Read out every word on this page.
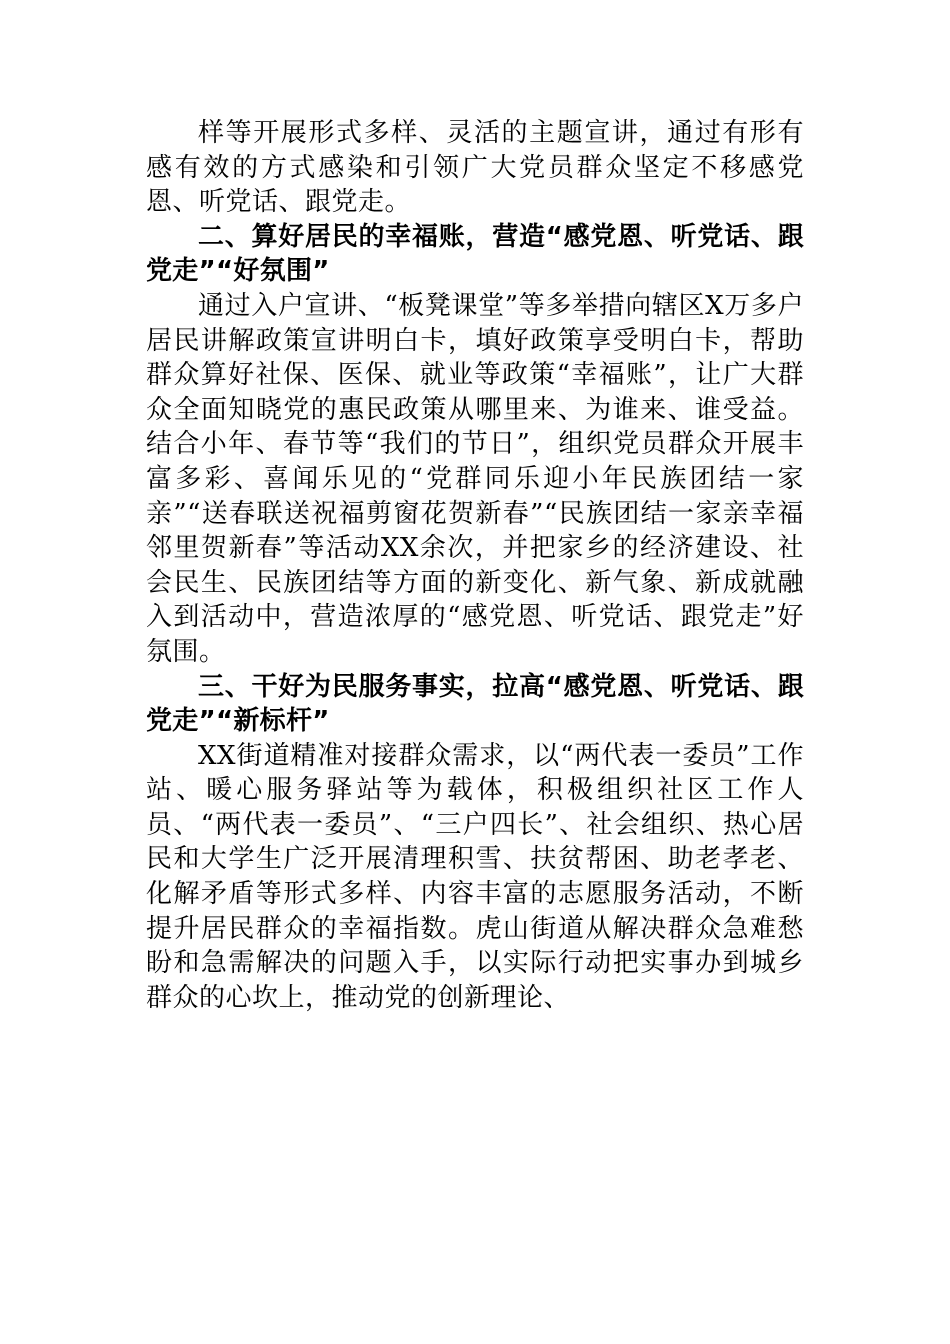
样等开展形式多样、灵活的主题宣讲，通过有形有感有效的方式感染和引领广大党员群众坚定不移感党恩、听党话、跟党走。

二、算好居民的幸福账，营造“感党恩、听党话、跟党走”“好氛围”

通过入户宣讲、“板凳课堂”等多举措向辖区X万多户居民讲解政策宣讲明白卡，填好政策享受明白卡，帮助群众算好社保、医保、就业等政策“幸福账”，让广大群众全面知晓党的惠民政策从哪里来、为谁来、谁受益。结合小年、春节等“我们的节日”，组织党员群众开展丰富多彩、喜闻乐见的“党群同乐迎小年民族团结一家亲”“送春联送祝福剪窗花贺新春”“民族团结一家亲幸福邻里贺新春”等活动XX余次，并把家乡的经济建设、社会民生、民族团结等方面的新变化、新气象、新成就融入到活动中，营造浓厚的“感党恩、听党话、跟党走”好氛围。

三、干好为民服务事实，拉高“感党恩、听党话、跟党走”“新标杆”

XX街道精准对接群众需求，以“两代表一委员”工作站、暖心服务驿站等为载体，积极组织社区工作人员、“两代表一委员”、“三户四长”、社会组织、热心居民和大学生广泛开展清理积雪、扶贫帮困、助老孝老、化解矛盾等形式多样、内容丰富的志愿服务活动，不断提升居民群众的幸福指数。虎山街道从解决群众急难愁盼和急需解决的问题入手，以实际行动把实事办到城乡群众的心坎上，推动党的创新理论、
